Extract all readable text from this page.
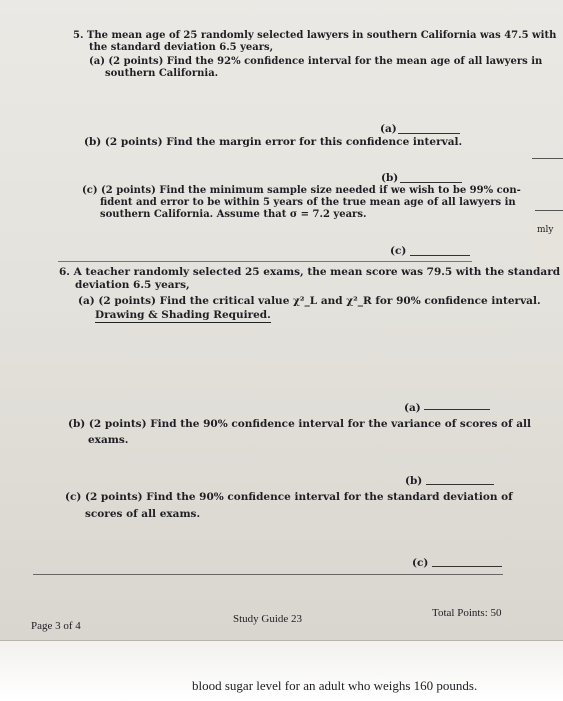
mly
5. The mean age of 25 randomly selected lawyers in southern California was 47.5 with
the standard deviation 6.5 years,
(a) (2 points) Find the 92% confidence interval for the mean age of all lawyers in
southern California.
(a)
(b) (2 points) Find the margin error for this confidence interval.
(b)
(c) (2 points) Find the minimum sample size needed if we wish to be 99% con-
fident and error to be within 5 years of the true mean age of all lawyers in
southern California. Assume that σ = 7.2 years.
(c)
6. A teacher randomly selected 25 exams, the mean score was 79.5 with the standard
deviation 6.5 years,
(a) (2 points) Find the critical value χ²_L and χ²_R for 90% confidence interval.
Drawing & Shading Required.
(a)
(b) (2 points) Find the 90% confidence interval for the variance of scores of all
exams.
(b)
(c) (2 points) Find the 90% confidence interval for the standard deviation of
scores of all exams.
(c)
Page 3 of 4
Study Guide 23	Total Points: 50
blood sugar level for an adult who weighs 160 pounds.
